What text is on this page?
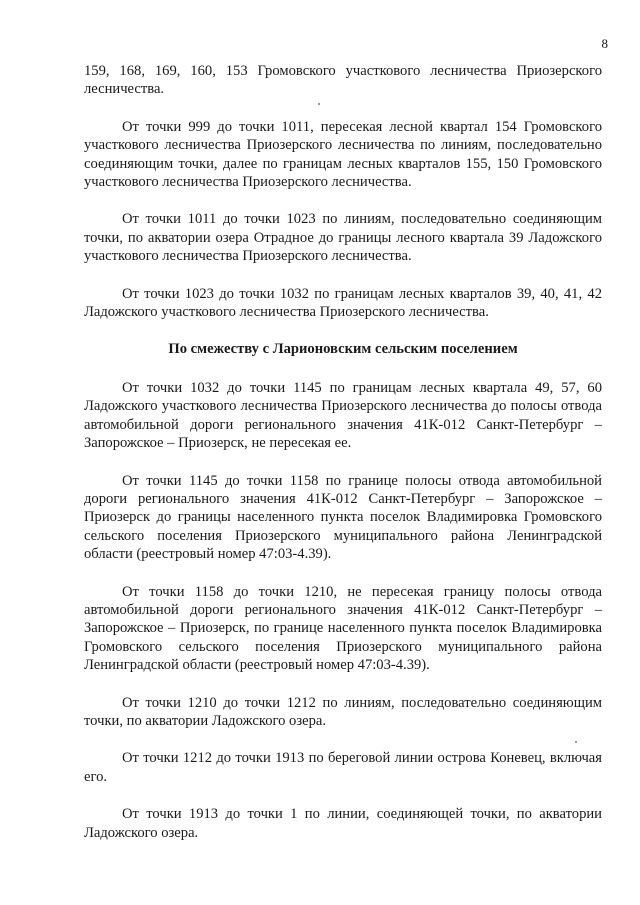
8

159, 168, 169, 160, 153 Громовского участкового лесничества Приозерского лесничества.

От точки 999 до точки 1011, пересекая лесной квартал 154 Громовского участкового лесничества Приозерского лесничества по линиям, последовательно соединяющим точки, далее по границам лесных кварталов 155, 150 Громовского участкового лесничества Приозерского лесничества.

От точки 1011 до точки 1023 по линиям, последовательно соединяющим точки, по акватории озера Отрадное до границы лесного квартала 39 Ладожского участкового лесничества Приозерского лесничества.

От точки 1023 до точки 1032 по границам лесных кварталов 39, 40, 41, 42 Ладожского участкового лесничества Приозерского лесничества.

По смежеству с Ларионовским сельским поселением

От точки 1032 до точки 1145 по границам лесных квартала 49, 57, 60 Ладожского участкового лесничества Приозерского лесничества до полосы отвода автомобильной дороги регионального значения 41К-012 Санкт-Петербург – Запорожское – Приозерск, не пересекая ее.

От точки 1145 до точки 1158 по границе полосы отвода автомобильной дороги регионального значения 41К-012 Санкт-Петербург – Запорожское – Приозерск до границы населенного пункта поселок Владимировка Громовского сельского поселения Приозерского муниципального района Ленинградской области (реестровый номер 47:03-4.39).

От точки 1158 до точки 1210, не пересекая границу полосы отвода автомобильной дороги регионального значения 41К-012 Санкт-Петербург – Запорожское – Приозерск, по границе населенного пункта поселок Владимировка Громовского сельского поселения Приозерского муниципального района Ленинградской области (реестровый номер 47:03-4.39).

От точки 1210 до точки 1212 по линиям, последовательно соединяющим точки, по акватории Ладожского озера.

От точки 1212 до точки 1913 по береговой линии острова Коневец, включая его.

От точки 1913 до точки 1 по линии, соединяющей точки, по акватории Ладожского озера.
